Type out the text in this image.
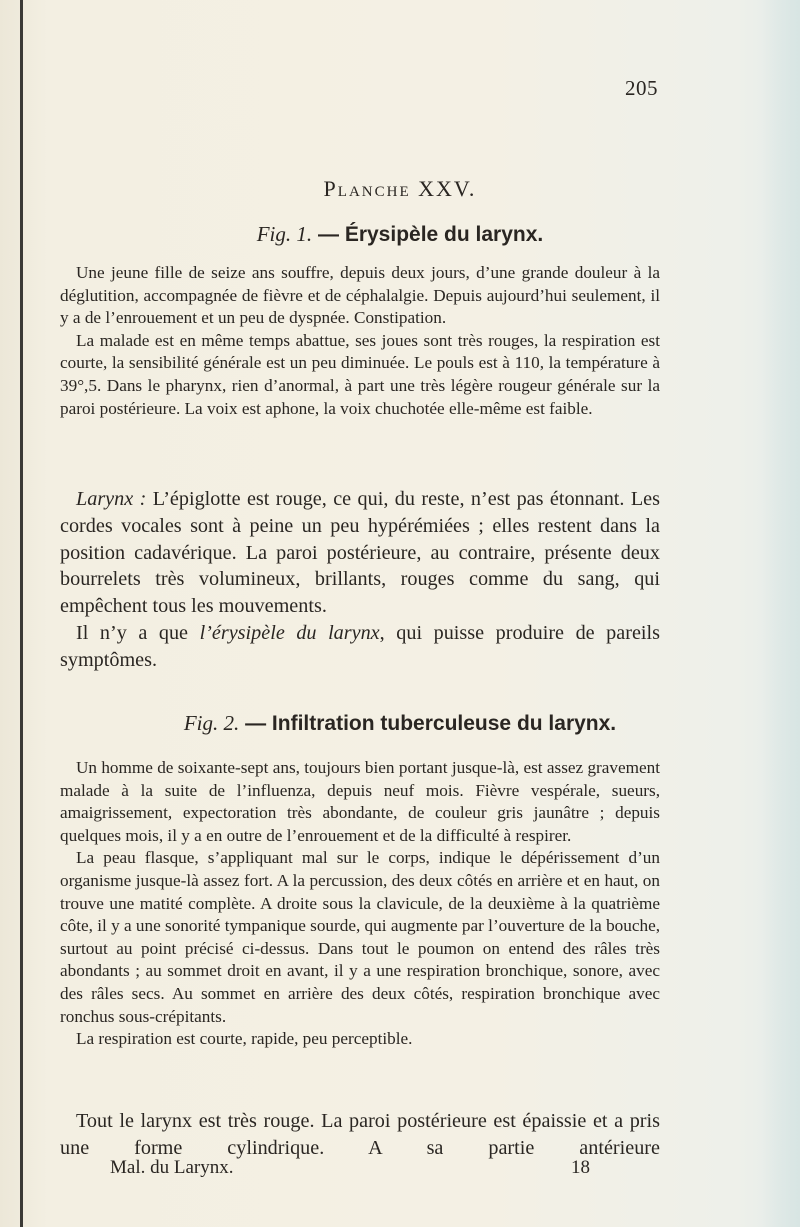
205
Planche XXV.
Fig. 1. — Érysipèle du larynx.

Une jeune fille de seize ans souffre, depuis deux jours, d’une grande douleur à la déglutition, accompagnée de fièvre et de céphalalgie. Depuis aujourd’hui seulement, il y a de l’enrouement et un peu de dyspnée. Constipation.

La malade est en même temps abattue, ses joues sont très rouges, la respiration est courte, la sensibilité générale est un peu diminuée. Le pouls est à 110, la température à 39°,5. Dans le pharynx, rien d’anormal, à part une très légère rougeur générale sur la paroi postérieure. La voix est aphone, la voix chuchotée elle-même est faible.

Larynx : L’épiglotte est rouge, ce qui, du reste, n’est pas étonnant. Les cordes vocales sont à peine un peu hypérémiées ; elles restent dans la position cadavérique. La paroi postérieure, au contraire, présente deux bourrelets très volumineux, brillants, rouges comme du sang, qui empêchent tous les mouvements.

Il n’y a que l’érysipèle du larynx, qui puisse produire de pareils symptômes.

Fig. 2. — Infiltration tuberculeuse du larynx.

Un homme de soixante-sept ans, toujours bien portant jusque-là, est assez gravement malade à la suite de l’influenza, depuis neuf mois. Fièvre vespérale, sueurs, amaigrissement, expectoration très abondante, de couleur gris jaunâtre ; depuis quelques mois, il y a en outre de l’enrouement et de la difficulté à respirer.

La peau flasque, s’appliquant mal sur le corps, indique le dépérissement d’un organisme jusque-là assez fort. A la percussion, des deux côtés en arrière et en haut, on trouve une matité complète. A droite sous la clavicule, de la deuxième à la quatrième côte, il y a une sonorité tympanique sourde, qui augmente par l’ouverture de la bouche, surtout au point précisé ci-dessus. Dans tout le poumon on entend des râles très abondants ; au sommet droit en avant, il y a une respiration bronchique, sonore, avec des râles secs. Au sommet en arrière des deux côtés, respiration bronchique avec ronchus sous-crépitants.

La respiration est courte, rapide, peu perceptible.

Tout le larynx est très rouge. La paroi postérieure est épaissie et a pris une forme cylindrique. A sa partie antérieure

Mal. du Larynx.	18
